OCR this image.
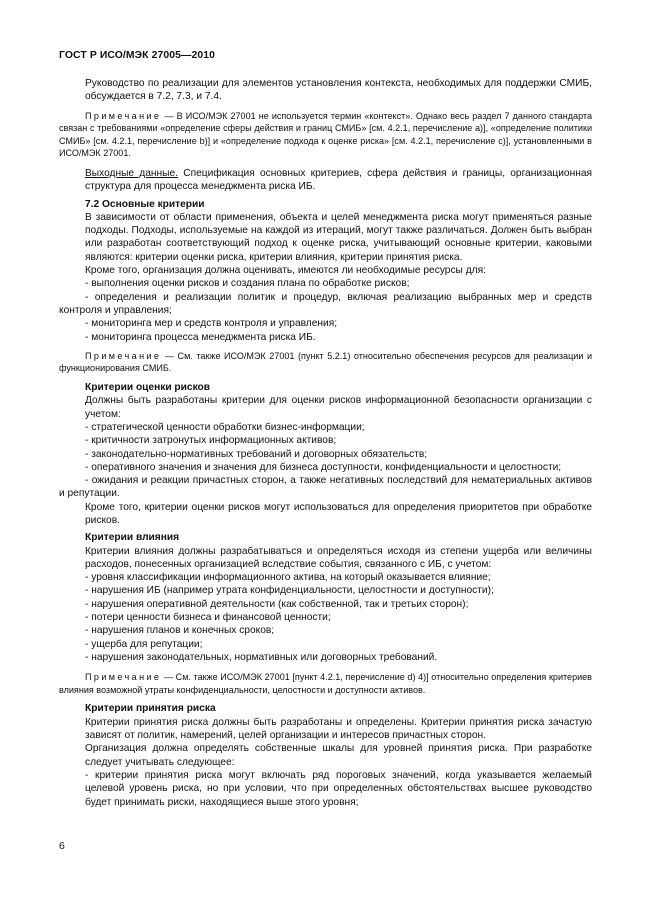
ГОСТ Р ИСО/МЭК 27005—2010

Руководство по реализации для элементов установления контекста, необходимых для поддержки СМИБ, обсуждается в 7.2, 7.3, и 7.4.

Примечание — В ИСО/МЭК 27001 не используется термин «контекст». Однако весь раздел 7 данного стандарта связан с требованиями «определение сферы действия и границ СМИБ» [см. 4.2.1, перечисление а)], «определение политики СМИБ» [см. 4.2.1, перечисление b)] и «определение подхода к оценке риска» [см. 4.2.1, перечисление с)], установленными в ИСО/МЭК 27001.

Выходные данные. Спецификация основных критериев, сфера действия и границы, организационная структура для процесса менеджмента риска ИБ.

7.2 Основные критерии

В зависимости от области применения, объекта и целей менеджмента риска могут применяться разные подходы. Подходы, используемые на каждой из итераций, могут также различаться. Должен быть выбран или разработан соответствующий подход к оценке риска, учитывающий основные критерии, каковыми являются: критерии оценки риска, критерии влияния, критерии принятия риска.

Кроме того, организация должна оценивать, имеются ли необходимые ресурсы для:

- выполнения оценки рисков и создания плана по обработке рисков;
- определения и реализации политик и процедур, включая реализацию выбранных мер и средств контроля и управления;
- мониторинга мер и средств контроля и управления;
- мониторинга процесса менеджмента риска ИБ.

Примечание — См. также ИСО/МЭК 27001 (пункт 5.2.1) относительно обеспечения ресурсов для реализации и функционирования СМИБ.

Критерии оценки рисков

Должны быть разработаны критерии для оценки рисков информационной безопасности организации с учетом:

- стратегической ценности обработки бизнес-информации;
- критичности затронутых информационных активов;
- законодательно-нормативных требований и договорных обязательств;
- оперативного значения и значения для бизнеса доступности, конфиденциальности и целостности;
- ожидания и реакции причастных сторон, а также негативных последствий для нематериальных активов и репутации.

Кроме того, критерии оценки рисков могут использоваться для определения приоритетов при обработке рисков.

Критерии влияния

Критерии влияния должны разрабатываться и определяться исходя из степени ущерба или величины расходов, понесенных организацией вследствие события, связанного с ИБ, с учетом:

- уровня классификации информационного актива, на который оказывается влияние;
- нарушения ИБ (например утрата конфиденциальности, целостности и доступности);
- нарушения оперативной деятельности (как собственной, так и третьих сторон);
- потери ценности бизнеса и финансовой ценности;
- нарушения планов и конечных сроков;
- ущерба для репутации;
- нарушения законодательных, нормативных или договорных требований.

Примечание — См. также ИСО/МЭК 27001 [пункт 4.2.1, перечисление d) 4)] относительно определения критериев влияния возможной утраты конфиденциальности, целостности и доступности активов.

Критерии принятия риска

Критерии принятия риска должны быть разработаны и определены. Критерии принятия риска зачастую зависят от политик, намерений, целей организации и интересов причастных сторон.

Организация должна определять собственные шкалы для уровней принятия риска. При разработке следует учитывать следующее:

- критерии принятия риска могут включать ряд пороговых значений, когда указывается желаемый целевой уровень риска, но при условии, что при определенных обстоятельствах высшее руководство будет принимать риски, находящиеся выше этого уровня;

6
